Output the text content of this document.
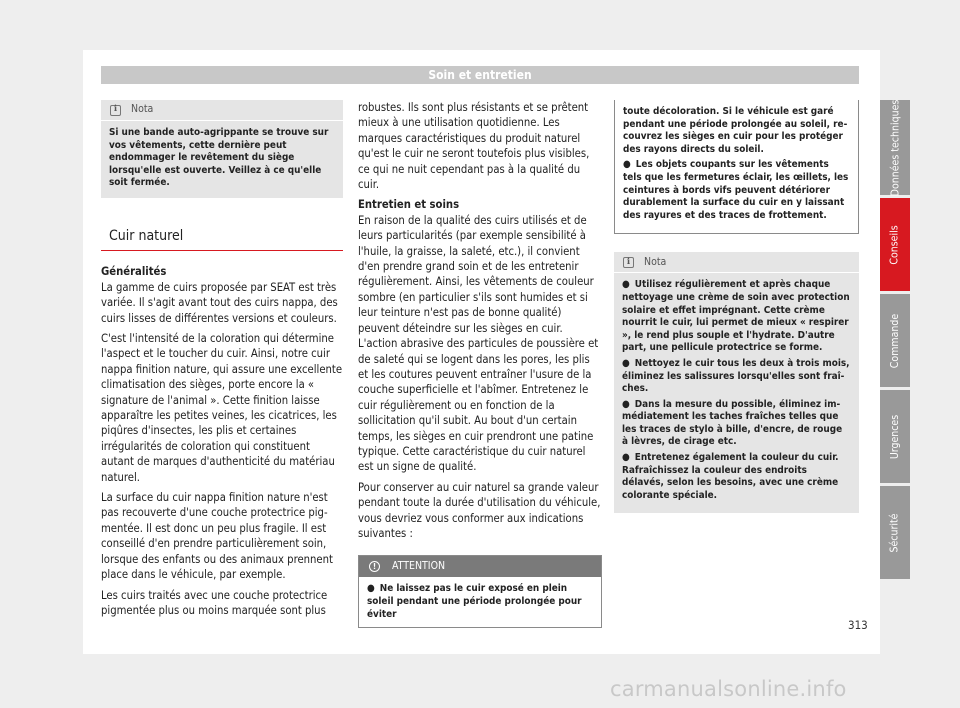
Soin et entretien
i	Nota
Si une bande auto-agrippante se trouve sur vos vêtements, cette dernière peut endommager le revêtement du siège lorsqu'elle est ouverte. Veillez à ce qu'elle soit fermée.
Cuir naturel
Généralités

La gamme de cuirs proposée par SEAT est très variée. Il s'agit avant tout des cuirs nappa, des cuirs lisses de différentes versions et couleurs.

C'est l'intensité de la coloration qui détermine l'aspect et le toucher du cuir. Ainsi, notre cuir nappa finition nature, qui assure une excellente climatisation des sièges, porte encore la « signature de l'animal ». Cette finition laisse apparaître les petites veines, les cicatrices, les piqûres d'insectes, les plis et certaines irrégularités de coloration qui constituent autant de marques d'authenticité du matériau naturel.

La surface du cuir nappa finition nature n'est pas recouverte d'une couche protectrice pigmentée. Il est donc un peu plus fragile. Il est conseillé d'en prendre particulièrement soin, lorsque des enfants ou des animaux prennent place dans le véhicule, par exemple.

Les cuirs traités avec une couche protectrice pigmentée plus ou moins marquée sont plus

robustes. Ils sont plus résistants et se prêtent mieux à une utilisation quotidienne. Les marques caractéristiques du produit naturel qu'est le cuir ne seront toutefois plus visibles, ce qui ne nuit cependant pas à la qualité du cuir.

Entretien et soins

En raison de la qualité des cuirs utilisés et de leurs particularités (par exemple sensibilité à l'huile, la graisse, la saleté, etc.), il convient d'en prendre grand soin et de les entretenir régulièrement. Ainsi, les vêtements de couleur sombre (en particulier s'ils sont humides et si leur teinture n'est pas de bonne qualité) peuvent déteindre sur les sièges en cuir. L'action abrasive des particules de poussière et de saleté qui se logent dans les pores, les plis et les coutures peuvent entraîner l'usure de la couche superficielle et l'abîmer. Entretenez le cuir régulièrement ou en fonction de la sollicitation qu'il subit. Au bout d'un certain temps, les sièges en cuir prendront une patine typique. Cette caractéristique du cuir naturel est un signe de qualité.

Pour conserver au cuir naturel sa grande valeur pendant toute la durée d'utilisation du véhicule, vous devriez vous conformer aux indications suivantes :

!	ATTENTION
● Ne laissez pas le cuir exposé en plein soleil pendant une période prolongée pour éviter

toute décoloration. Si le véhicule est garé pendant une période prolongée au soleil, recouvrez les sièges en cuir pour les protéger des rayons directs du soleil.

● Les objets coupants sur les vêtements tels que les fermetures éclair, les œillets, les ceintures à bords vifs peuvent détériorer durablement la surface du cuir en y laissant des rayures et des traces de frottement.

i	Nota
● Utilisez régulièrement et après chaque nettoyage une crème de soin avec protection solaire et effet imprégnant. Cette crème nourrit le cuir, lui permet de mieux « respirer », le rend plus souple et l'hydrate. D'autre part, une pellicule protectrice se forme.
● Nettoyez le cuir tous les deux à trois mois, éliminez les salissures lorsqu'elles sont fraîches.
● Dans la mesure du possible, éliminez immédiatement les taches fraîches telles que les traces de stylo à bille, d'encre, de rouge à lèvres, de cirage etc.
● Entretenez également la couleur du cuir. Rafraîchissez la couleur des endroits délavés, selon les besoins, avec une crème colorante spéciale.
Données techniques
Conseils
Commande
Urgences
Sécurité
313
carmanualsonline.info
